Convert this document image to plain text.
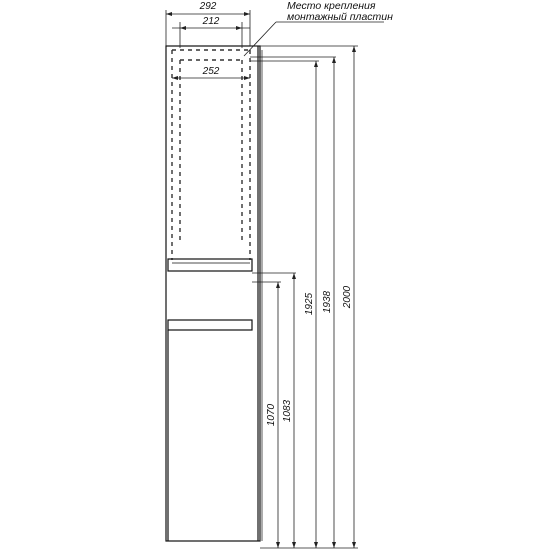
292
212
252
Место крепления
монтажный пластин
2000
1938
1925
1083
1070
